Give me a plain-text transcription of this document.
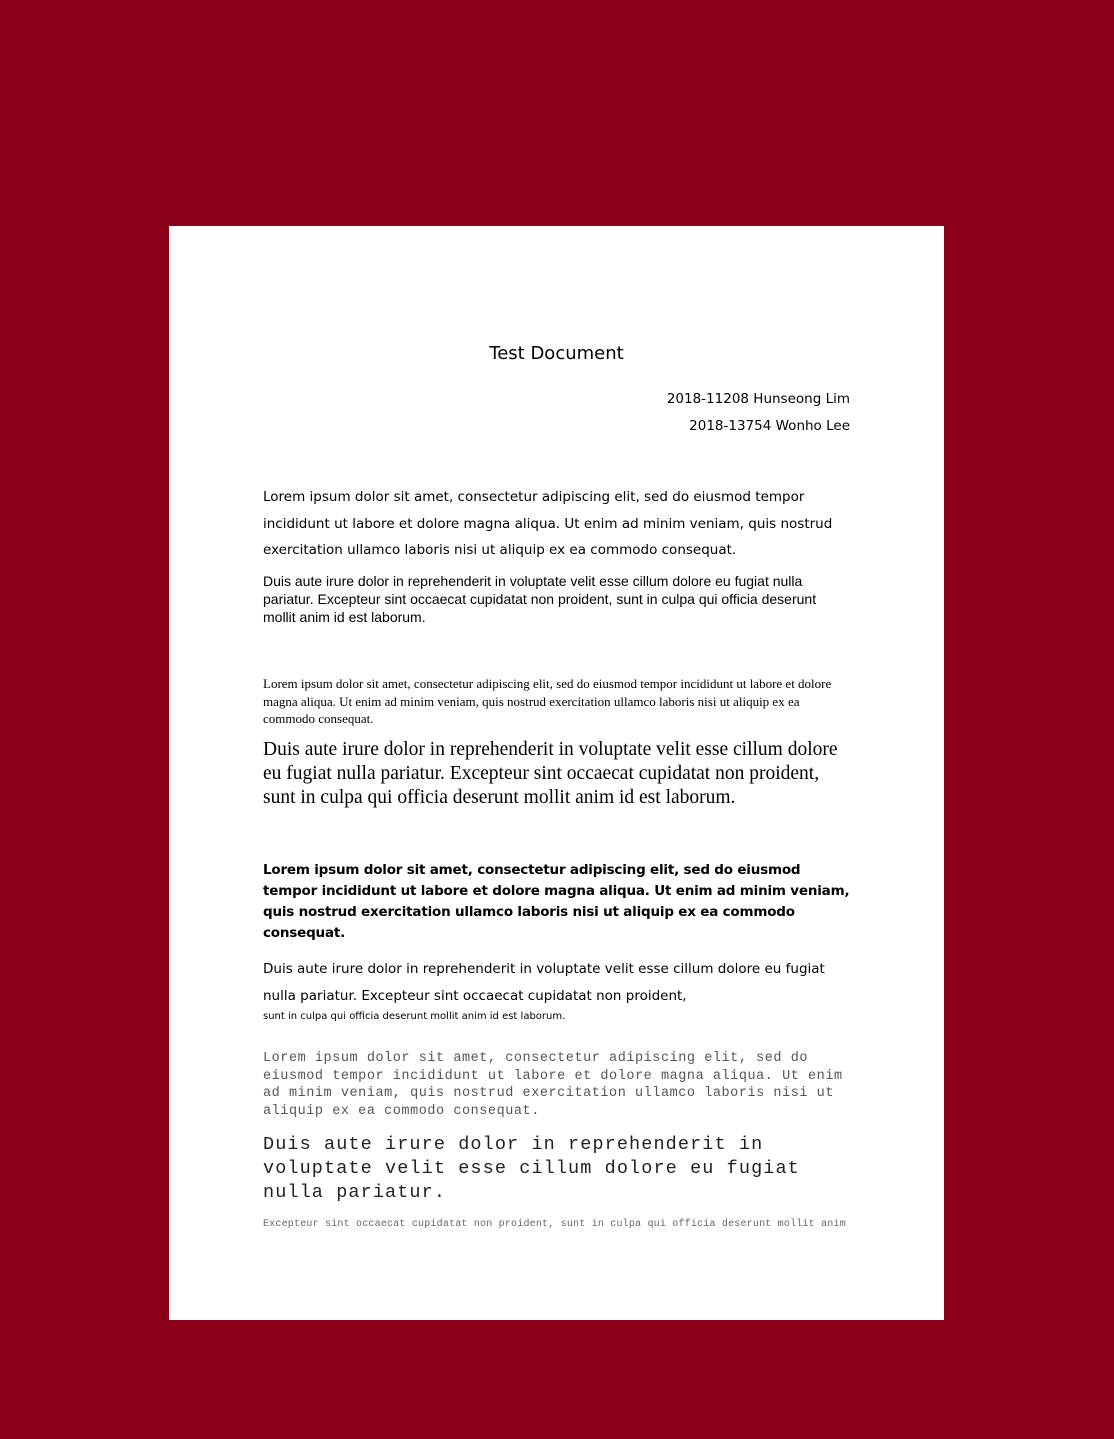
Test Document
2018-11208 Hunseong Lim
2018-13754 Wonho Lee

Lorem ipsum dolor sit amet, consectetur adipiscing elit, sed do eiusmod tempor incididunt ut labore et dolore magna aliqua. Ut enim ad minim veniam, quis nostrud exercitation ullamco laboris nisi ut aliquip ex ea commodo consequat.

Duis aute irure dolor in reprehenderit in voluptate velit esse cillum dolore eu fugiat nulla pariatur. Excepteur sint occaecat cupidatat non proident, sunt in culpa qui officia deserunt mollit anim id est laborum.

Lorem ipsum dolor sit amet, consectetur adipiscing elit, sed do eiusmod tempor incididunt ut labore et dolore magna aliqua. Ut enim ad minim veniam, quis nostrud exercitation ullamco laboris nisi ut aliquip ex ea commodo consequat.

Duis aute irure dolor in reprehenderit in voluptate velit esse cillum dolore eu fugiat nulla pariatur. Excepteur sint occaecat cupidatat non proident, sunt in culpa qui officia deserunt mollit anim id est laborum.

Lorem ipsum dolor sit amet, consectetur adipiscing elit, sed do eiusmod tempor incididunt ut labore et dolore magna aliqua. Ut enim ad minim veniam, quis nostrud exercitation ullamco laboris nisi ut aliquip ex ea commodo consequat.

Duis aute irure dolor in reprehenderit in voluptate velit esse cillum dolore eu fugiat nulla pariatur. Excepteur sint occaecat cupidatat non proident,

sunt in culpa qui officia deserunt mollit anim id est laborum.

Lorem ipsum dolor sit amet, consectetur adipiscing elit, sed do eiusmod tempor incididunt ut labore et dolore magna aliqua. Ut enim ad minim veniam, quis nostrud exercitation ullamco laboris nisi ut aliquip ex ea commodo consequat.

Duis aute irure dolor in reprehenderit in voluptate velit esse cillum dolore eu fugiat nulla pariatur.

Excepteur sint occaecat cupidatat non proident, sunt in culpa qui officia deserunt mollit anim
